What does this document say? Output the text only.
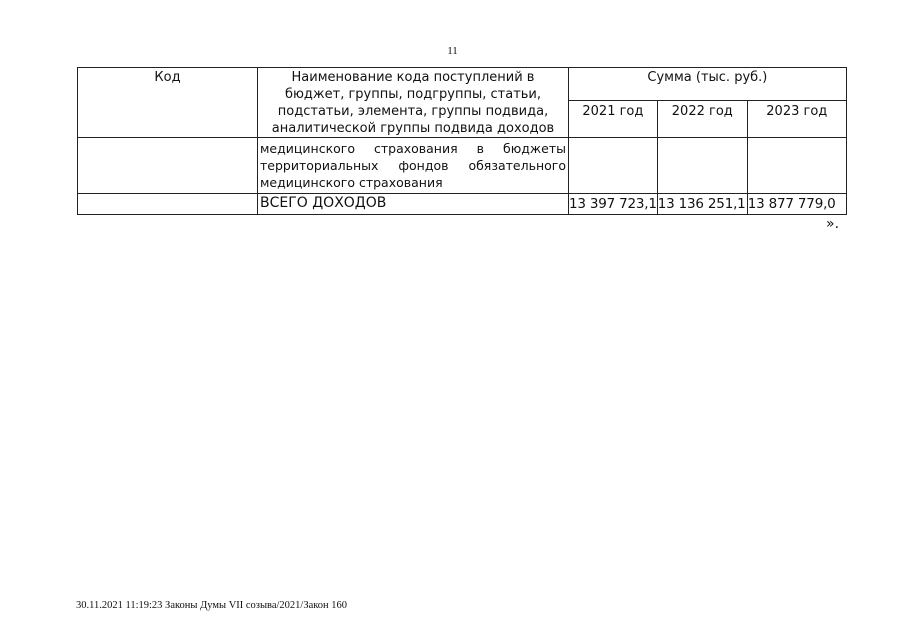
11
Код	Наименование кода поступлений в бюджет, группы, подгруппы, статьи, подстатьи, элемента, группы подвида, аналитической группы подвида доходов	Сумма (тыс. руб.)		
		2021 год	2022 год	2023 год
	медицинского страхования в бюджеты территориальных фондов обязательного медицинского страхования			
	ВСЕГО ДОХОДОВ	13 397 723,1	13 136 251,1	13 877 779,0
».
30.11.2021 11:19:23 Законы Думы VII созыва/2021/Закон 160
